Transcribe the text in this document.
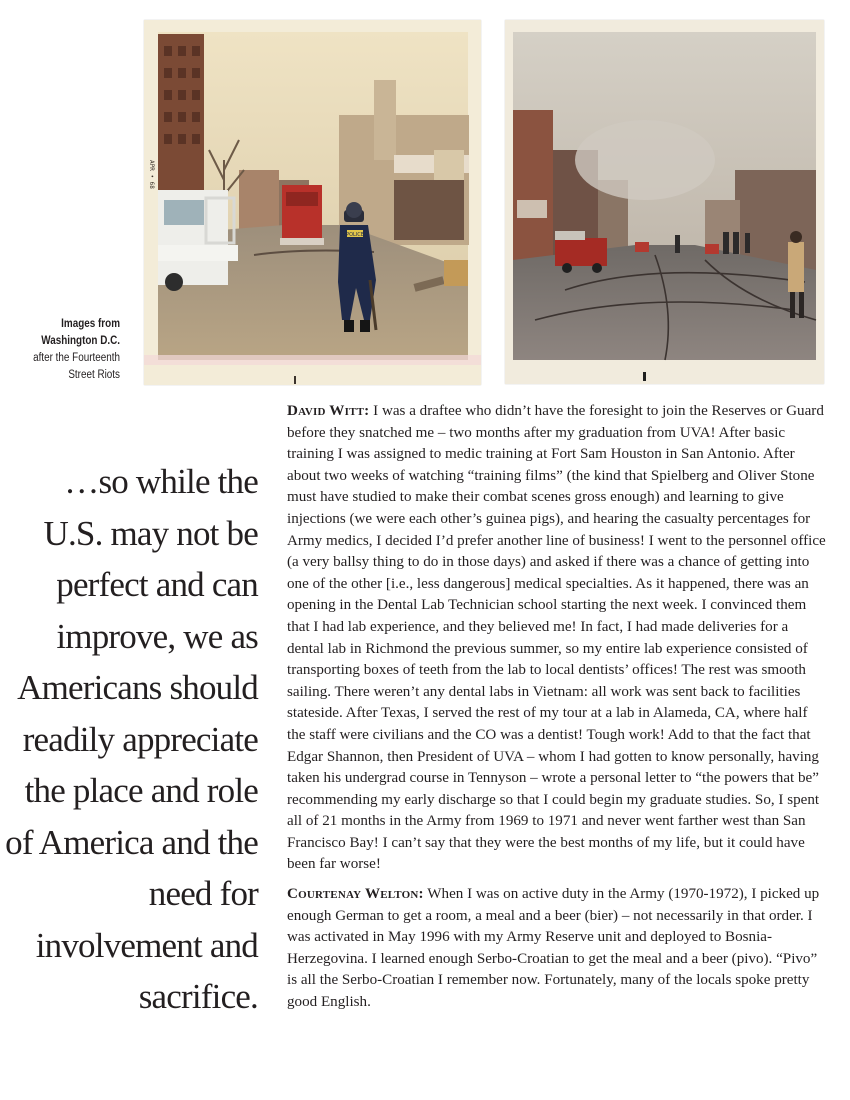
POLICE
APR • 68
Images from
Washington D.C.
after the Fourteenth
Street Riots
…so while the U.S. may not be perfect and can improve, we as Americans should readily appreciate the place and role of America and the need for involvement and sacrifice.

David Witt: I was a draftee who didn’t have the foresight to join the Reserves or Guard before they snatched me – two months after my graduation from UVA! After basic training I was assigned to medic training at Fort Sam Houston in San Antonio. After about two weeks of watching “training films” (the kind that Spielberg and Oliver Stone must have studied to make their combat scenes gross enough) and learning to give injections (we were each other’s guinea pigs), and hearing the casualty percentages for Army medics, I decided I’d prefer another line of business! I went to the personnel office (a very ballsy thing to do in those days) and asked if there was a chance of getting into one of the other [i.e., less dangerous] medical specialties. As it happened, there was an opening in the Dental Lab Technician school starting the next week. I convinced them that I had lab experience, and they believed me! In fact, I had made deliveries for a dental lab in Richmond the previous summer, so my entire lab experience consisted of transporting boxes of teeth from the lab to local dentists’ offices! The rest was smooth sailing. There weren’t any dental labs in Vietnam: all work was sent back to facilities stateside. After Texas, I served the rest of my tour at a lab in Alameda, CA, where half the staff were civilians and the CO was a dentist! Tough work! Add to that the fact that Edgar Shannon, then President of UVA – whom I had gotten to know personally, having taken his undergrad course in Tennyson – wrote a personal letter to “the powers that be” recommending my early discharge so that I could begin my graduate studies. So, I spent all of 21 months in the Army from 1969 to 1971 and never went farther west than San Francisco Bay! I can’t say that they were the best months of my life, but it could have been far worse!

Courtenay Welton: When I was on active duty in the Army (1970-1972), I picked up enough German to get a room, a meal and a beer (bier) – not necessarily in that order. I was activated in May 1996 with my Army Reserve unit and deployed to Bosnia-Herzegovina. I learned enough Serbo-Croatian to get the meal and a beer (pivo). “Pivo” is all the Serbo-Croatian I remember now. Fortunately, many of the locals spoke pretty good English.
